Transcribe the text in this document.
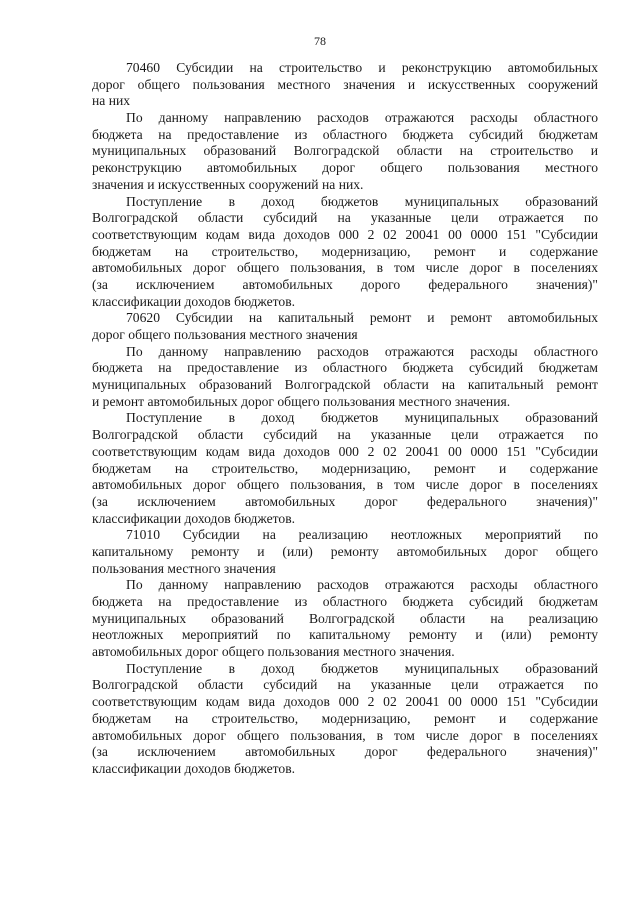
78
70460 Субсидии на строительство и реконструкцию автомобильных
дорог общего пользования местного значения и искусственных сооружений
на них
По данному направлению расходов отражаются расходы областного
бюджета на предоставление из областного бюджета субсидий бюджетам
муниципальных образований Волгоградской области на строительство и
реконструкцию автомобильных дорог общего пользования местного
значения и искусственных сооружений на них.
Поступление в доход бюджетов муниципальных образований
Волгоградской области субсидий на указанные цели отражается по
соответствующим кодам вида доходов 000 2 02 20041 00 0000 151 "Субсидии
бюджетам на строительство, модернизацию, ремонт и содержание
автомобильных дорог общего пользования, в том числе дорог в поселениях
(за исключением автомобильных дорого федерального значения)"
классификации доходов бюджетов.
70620 Субсидии на капитальный ремонт и ремонт автомобильных
дорог общего пользования местного значения
По данному направлению расходов отражаются расходы областного
бюджета на предоставление из областного бюджета субсидий бюджетам
муниципальных образований Волгоградской области на капитальный ремонт
и ремонт автомобильных дорог общего пользования местного значения.
Поступление в доход бюджетов муниципальных образований
Волгоградской области субсидий на указанные цели отражается по
соответствующим кодам вида доходов 000 2 02 20041 00 0000 151 "Субсидии
бюджетам на строительство, модернизацию, ремонт и содержание
автомобильных дорог общего пользования, в том числе дорог в поселениях
(за исключением автомобильных дорог федерального значения)"
классификации доходов бюджетов.
71010 Субсидии на реализацию неотложных мероприятий по
капитальному ремонту и (или) ремонту автомобильных дорог общего
пользования местного значения
По данному направлению расходов отражаются расходы областного
бюджета на предоставление из областного бюджета субсидий бюджетам
муниципальных образований Волгоградской области на реализацию
неотложных мероприятий по капитальному ремонту и (или) ремонту
автомобильных дорог общего пользования местного значения.
Поступление в доход бюджетов муниципальных образований
Волгоградской области субсидий на указанные цели отражается по
соответствующим кодам вида доходов 000 2 02 20041 00 0000 151 "Субсидии
бюджетам на строительство, модернизацию, ремонт и содержание
автомобильных дорог общего пользования, в том числе дорог в поселениях
(за исключением автомобильных дорог федерального значения)"
классификации доходов бюджетов.
